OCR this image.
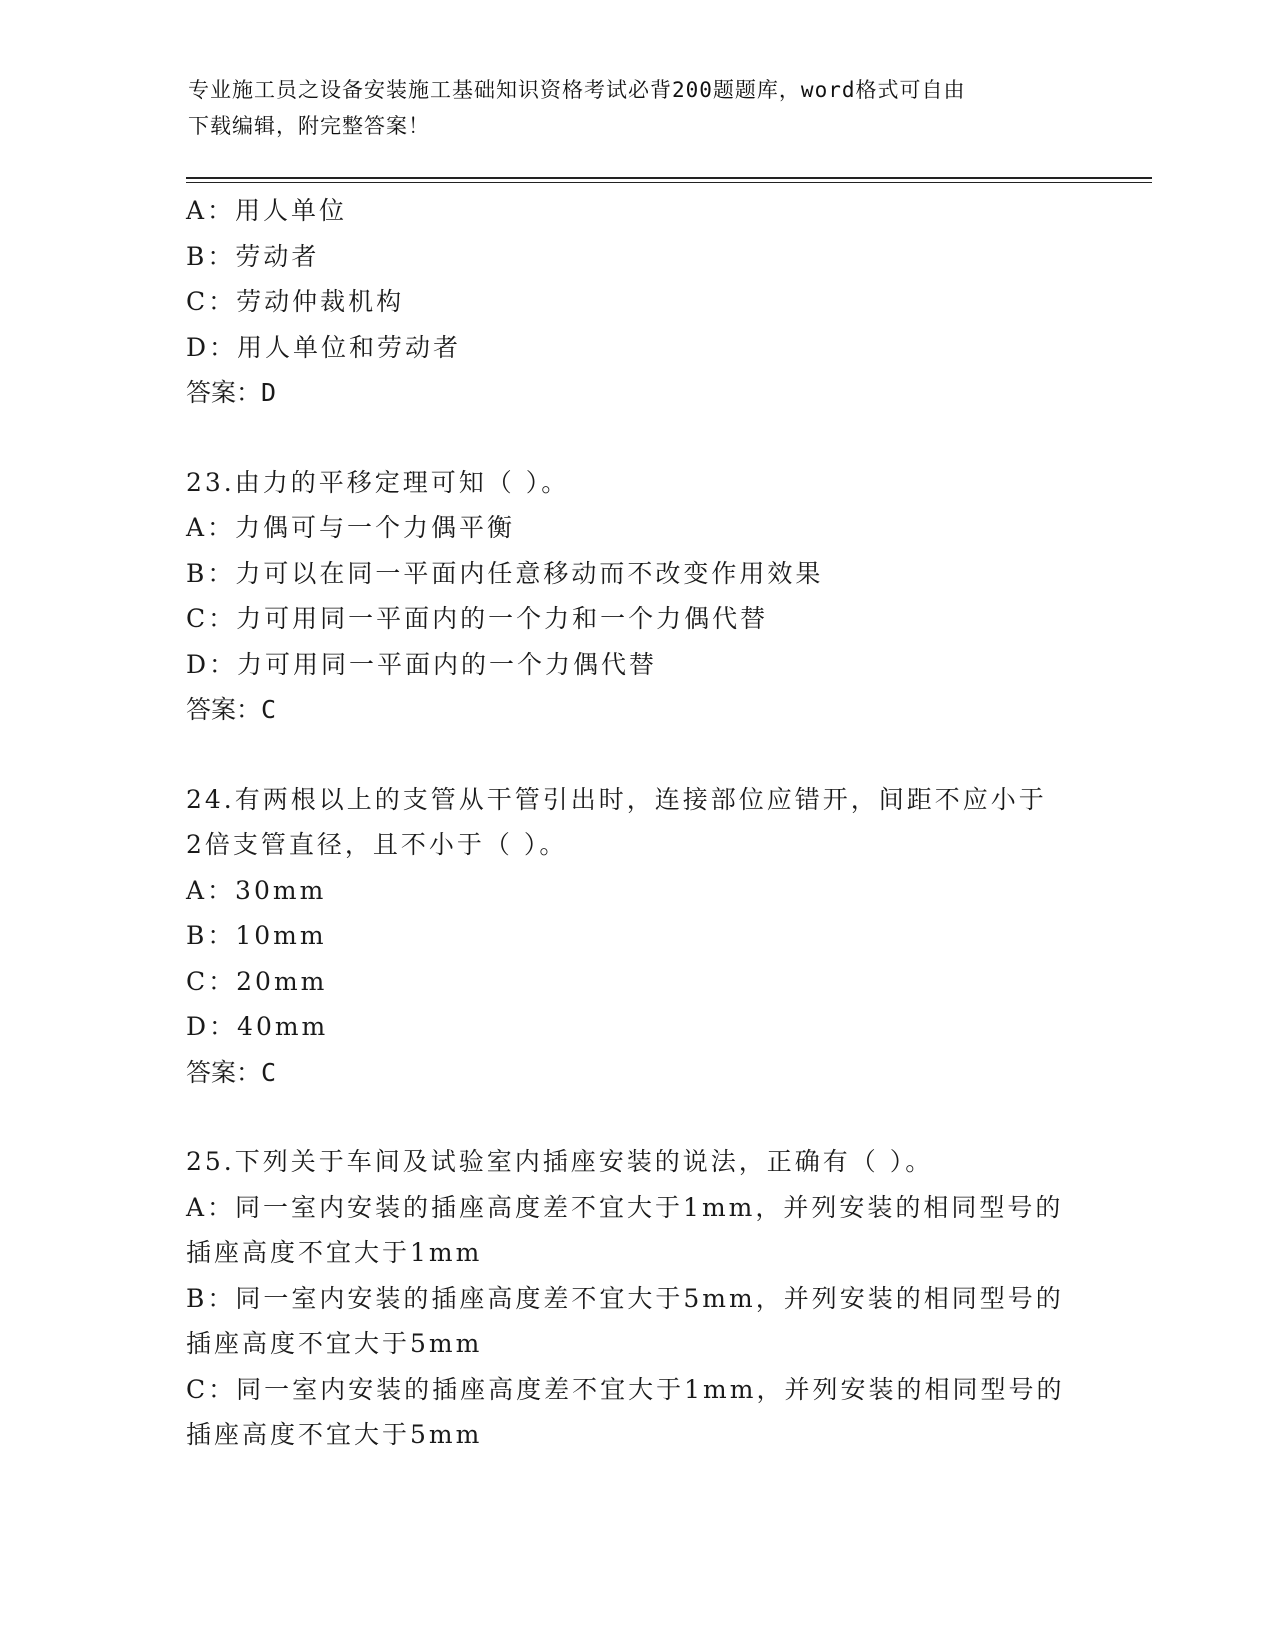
专业施工员之设备安装施工基础知识资格考试必背200题题库，word格式可自由
下载编辑，附完整答案！
A：用人单位
B：劳动者
C：劳动仲裁机构
D：用人单位和劳动者
答案：D
23.由力的平移定理可知（ ）。
A：力偶可与一个力偶平衡
B：力可以在同一平面内任意移动而不改变作用效果
C：力可用同一平面内的一个力和一个力偶代替
D：力可用同一平面内的一个力偶代替
答案：C
24.有两根以上的支管从干管引出时，连接部位应错开，间距不应小于
2倍支管直径，且不小于（ ）。
A：30mm
B：10mm
C：20mm
D：40mm
答案：C
25.下列关于车间及试验室内插座安装的说法，正确有（ ）。
A：同一室内安装的插座高度差不宜大于1mm，并列安装的相同型号的
插座高度不宜大于1mm
B：同一室内安装的插座高度差不宜大于5mm，并列安装的相同型号的
插座高度不宜大于5mm
C：同一室内安装的插座高度差不宜大于1mm，并列安装的相同型号的
插座高度不宜大于5mm
